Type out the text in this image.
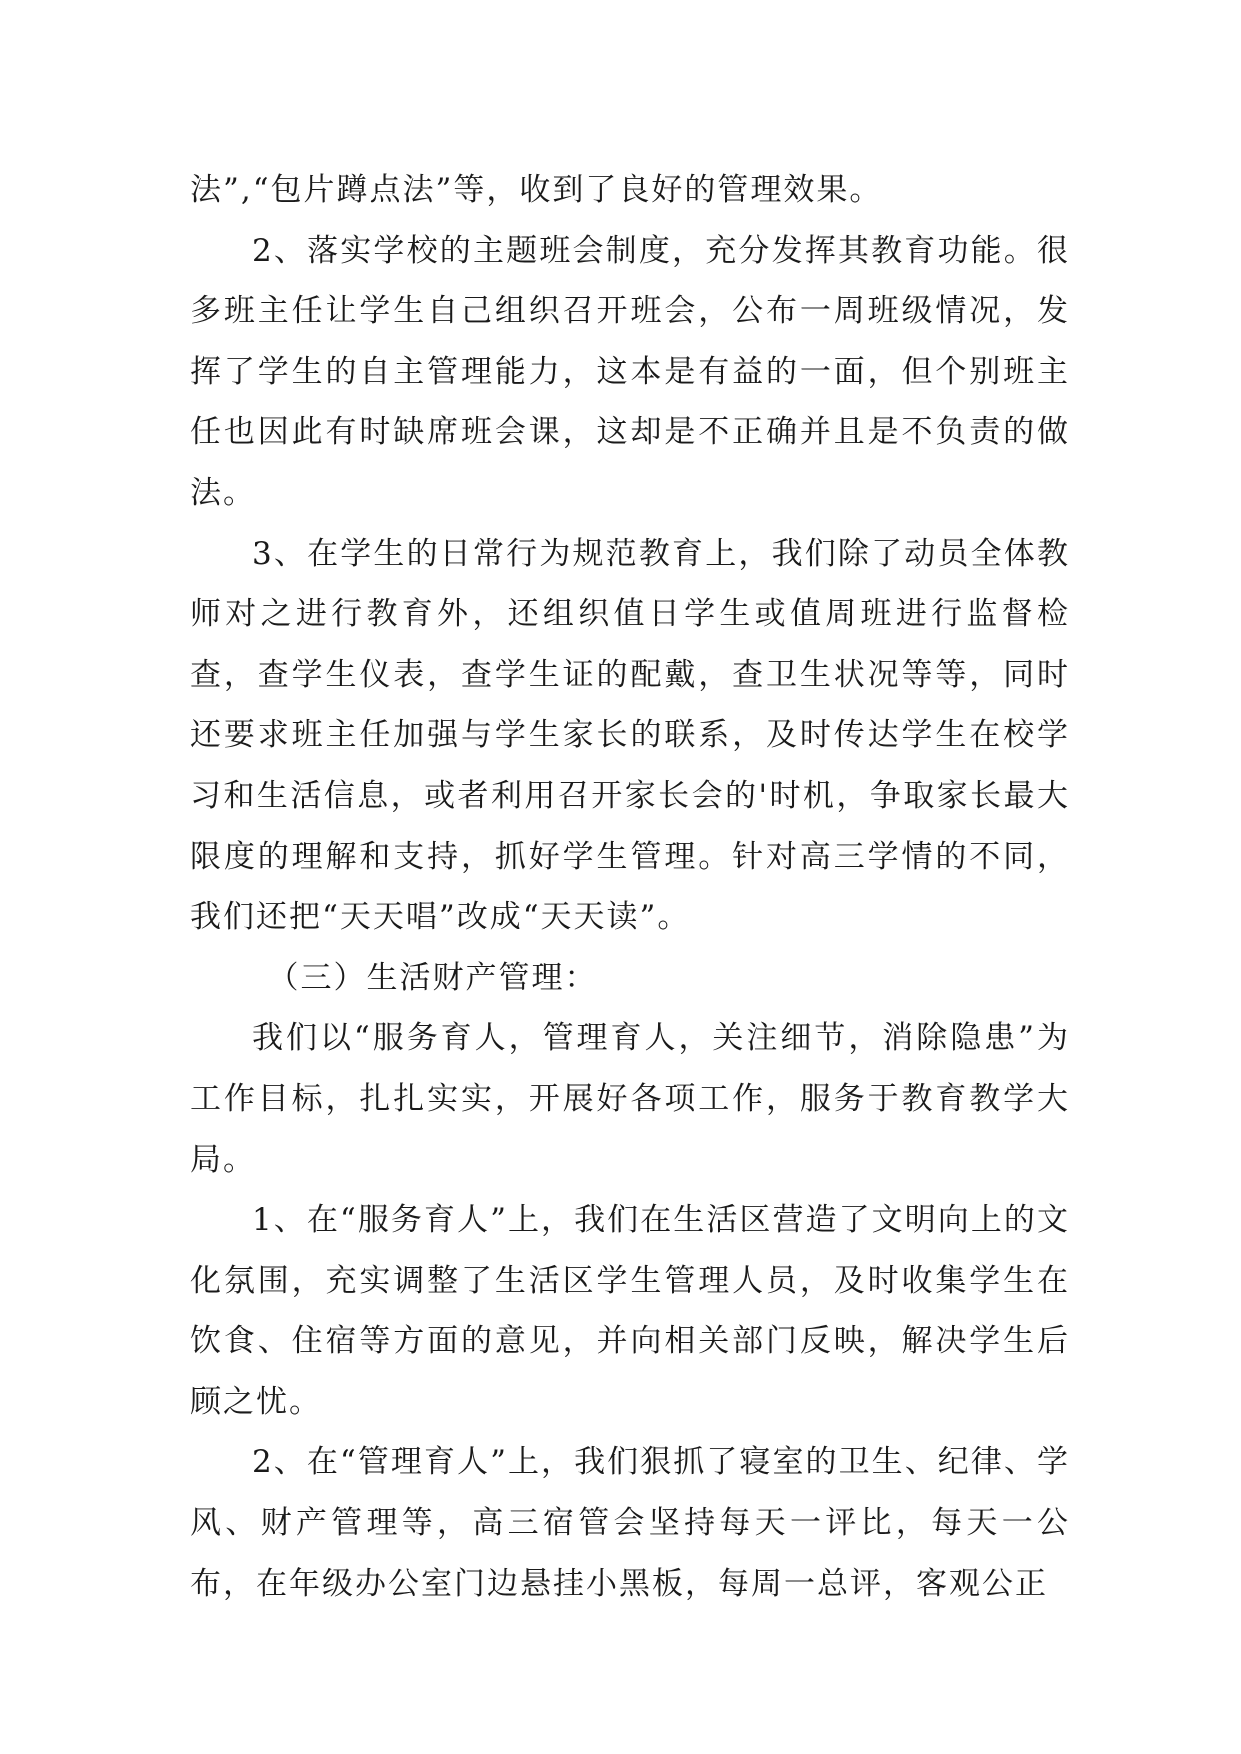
法”,“包片蹲点法”等，收到了良好的管理效果。

2、落实学校的主题班会制度，充分发挥其教育功能。很多班主任让学生自己组织召开班会，公布一周班级情况，发挥了学生的自主管理能力，这本是有益的一面，但个别班主任也因此有时缺席班会课，这却是不正确并且是不负责的做法。

3、在学生的日常行为规范教育上，我们除了动员全体教师对之进行教育外，还组织值日学生或值周班进行监督检查，查学生仪表，查学生证的配戴，查卫生状况等等，同时还要求班主任加强与学生家长的联系，及时传达学生在校学习和生活信息，或者利用召开家长会的'时机，争取家长最大限度的理解和支持，抓好学生管理。针对高三学情的不同，我们还把“天天唱”改成“天天读”。

（三）生活财产管理：

我们以“服务育人，管理育人，关注细节，消除隐患”为工作目标，扎扎实实，开展好各项工作，服务于教育教学大局。

1、在“服务育人”上，我们在生活区营造了文明向上的文化氛围，充实调整了生活区学生管理人员，及时收集学生在饮食、住宿等方面的意见，并向相关部门反映，解决学生后顾之忧。

2、在“管理育人”上，我们狠抓了寝室的卫生、纪律、学风、财产管理等，高三宿管会坚持每天一评比，每天一公布，在年级办公室门边悬挂小黑板，每周一总评，客观公正
